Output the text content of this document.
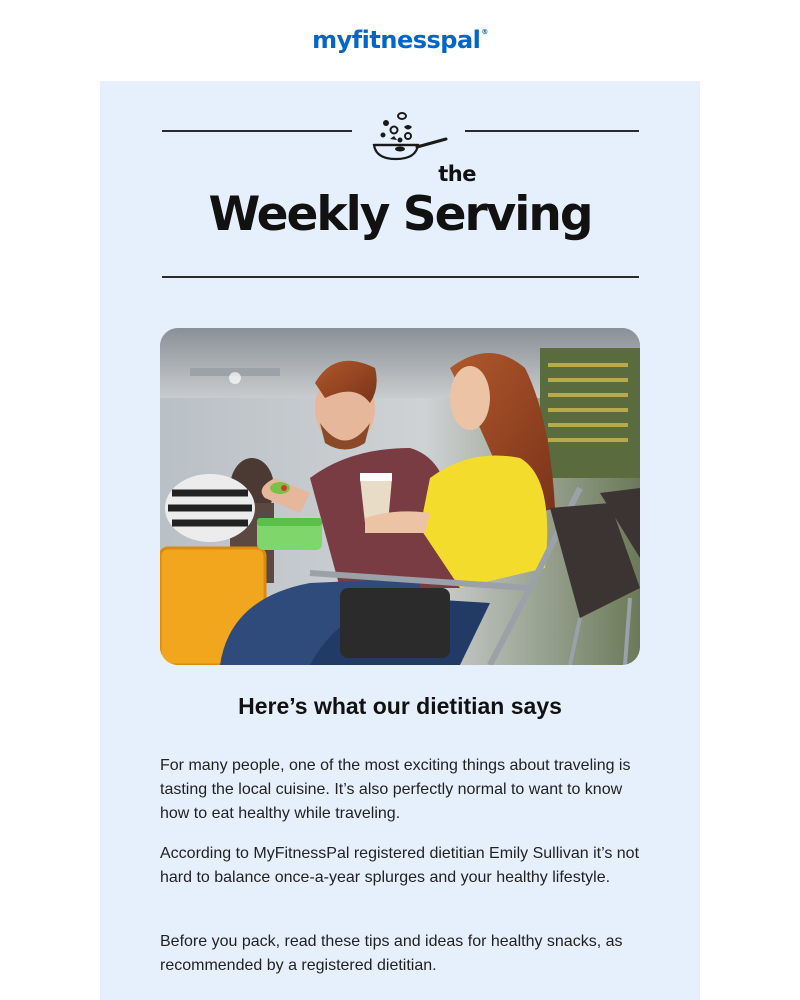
myfitnesspal ®
the
Weekly Serving
Here’s what our dietitian says

For many people, one of the most exciting things about traveling is tasting the local cuisine. It’s also perfectly normal to want to know how to eat healthy while traveling.

According to MyFitnessPal registered dietitian Emily Sullivan it’s not hard to balance once-a-year splurges and your healthy lifestyle.

Before you pack, read these tips and ideas for healthy snacks, as recommended by a registered dietitian.
